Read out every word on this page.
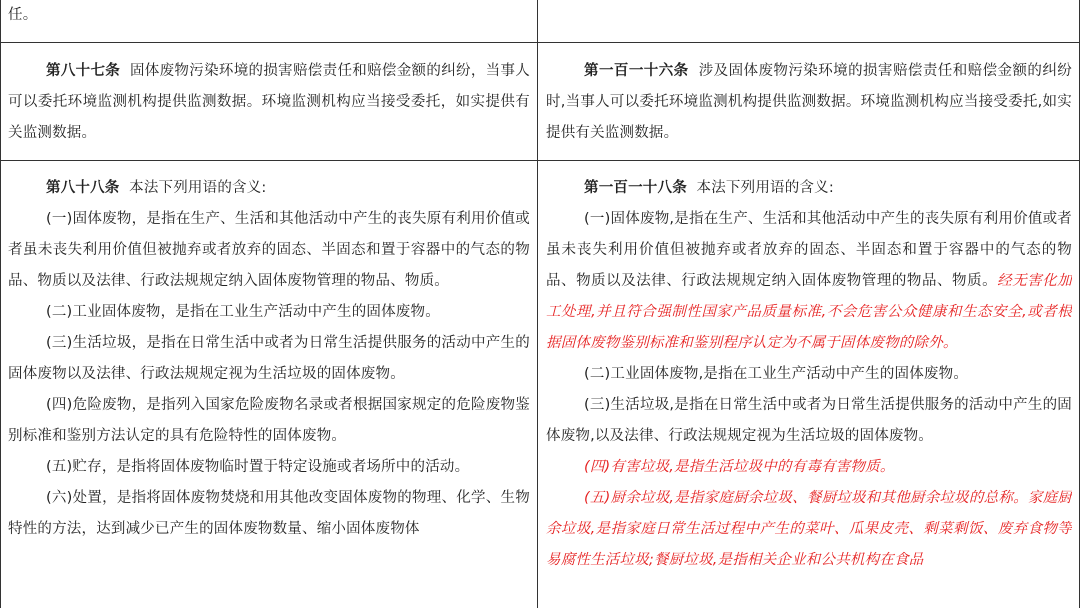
任。

第八十七条 固体废物污染环境的损害赔偿责任和赔偿金额的纠纷，当事人可以委托环境监测机构提供监测数据。环境监测机构应当接受委托，如实提供有关监测数据。

第一百一十六条 涉及固体废物污染环境的损害赔偿责任和赔偿金额的纠纷时,当事人可以委托环境监测机构提供监测数据。环境监测机构应当接受委托,如实提供有关监测数据。

第八十八条 本法下列用语的含义:

(一)固体废物，是指在生产、生活和其他活动中产生的丧失原有利用价值或者虽未丧失利用价值但被抛弃或者放弃的固态、半固态和置于容器中的气态的物品、物质以及法律、行政法规规定纳入固体废物管理的物品、物质。

(二)工业固体废物，是指在工业生产活动中产生的固体废物。

(三)生活垃圾，是指在日常生活中或者为日常生活提供服务的活动中产生的固体废物以及法律、行政法规规定视为生活垃圾的固体废物。

(四)危险废物，是指列入国家危险废物名录或者根据国家规定的危险废物鉴别标准和鉴别方法认定的具有危险特性的固体废物。

(五)贮存，是指将固体废物临时置于特定设施或者场所中的活动。

(六)处置，是指将固体废物焚烧和用其他改变固体废物的物理、化学、生物特性的方法，达到减少已产生的固体废物数量、缩小固体废物体

第一百一十八条 本法下列用语的含义:

(一)固体废物,是指在生产、生活和其他活动中产生的丧失原有利用价值或者虽未丧失利用价值但被抛弃或者放弃的固态、半固态和置于容器中的气态的物品、物质以及法律、行政法规规定纳入固体废物管理的物品、物质。经无害化加工处理,并且符合强制性国家产品质量标准,不会危害公众健康和生态安全,或者根据固体废物鉴别标准和鉴别程序认定为不属于固体废物的除外。

(二)工业固体废物,是指在工业生产活动中产生的固体废物。

(三)生活垃圾,是指在日常生活中或者为日常生活提供服务的活动中产生的固体废物,以及法律、行政法规规定视为生活垃圾的固体废物。

(四)有害垃圾,是指生活垃圾中的有毒有害物质。

(五)厨余垃圾,是指家庭厨余垃圾、餐厨垃圾和其他厨余垃圾的总称。家庭厨余垃圾,是指家庭日常生活过程中产生的菜叶、瓜果皮壳、剩菜剩饭、废弃食物等易腐性生活垃圾;餐厨垃圾,是指相关企业和公共机构在食品
